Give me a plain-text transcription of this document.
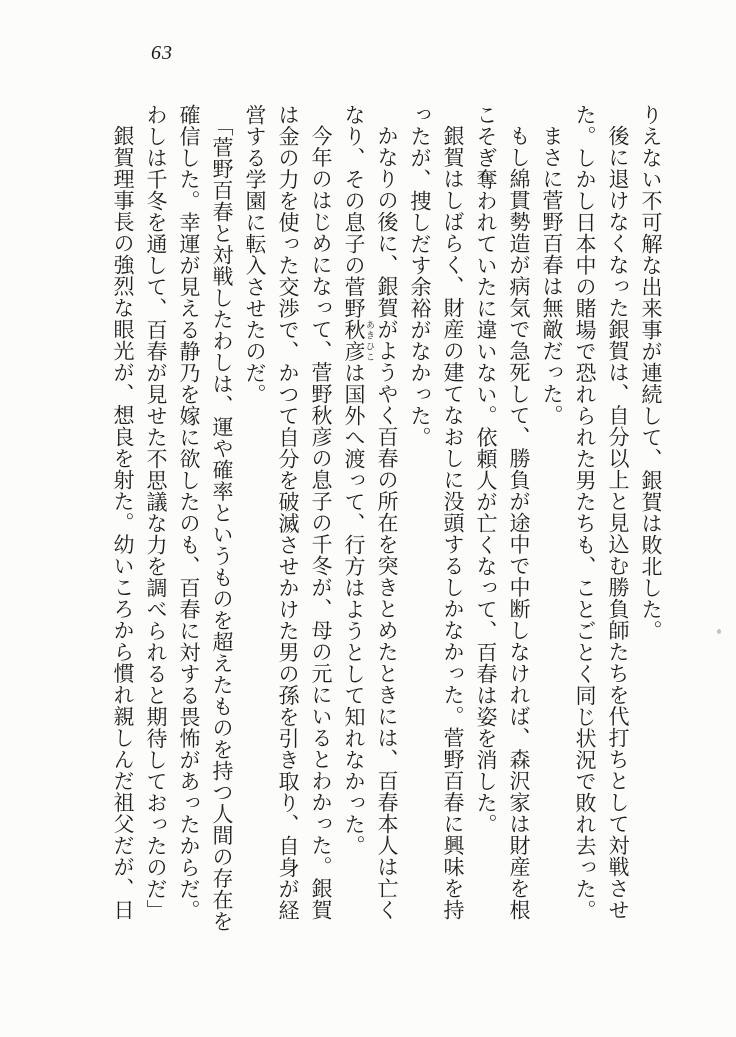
63

りえない不可解な出来事が連続して、銀賀は敗北した。

後に退けなくなった銀賀は、自分以上と見込む勝負師たちを代打ちとして対戦させた。しかし日本中の賭場で恐れられた男たちも、ことごとく同じ状況で敗れ去った。

まさに菅野百春は無敵だった。

もし綿貫勢造が病気で急死して、勝負が途中で中断しなければ、森沢家は財産を根こそぎ奪われていたに違いない。依頼人が亡くなって、百春は姿を消した。

銀賀はしばらく、財産の建てなおしに没頭するしかなかった。菅野百春に興味を持ったが、捜しだす余裕がなかった。

かなりの後に、銀賀がようやく百春の所在を突きとめたときには、百春本人は亡くなり、その息子の菅野秋彦 あきひこは国外へ渡って、行方はようとして知れなかった。

今年のはじめになって、菅野秋彦の息子の千冬が、母の元にいるとわかった。銀賀は金の力を使った交渉で、かつて自分を破滅させかけた男の孫を引き取り、自身が経営する学園に転入させたのだ。

「菅野百春と対戦したわしは、運や確率というものを超えたものを持つ人間の存在を確信した。幸運が見える静乃を嫁に欲したのも、百春に対する畏怖があったからだ。わしは千冬を通して、百春が見せた不思議な力を調べられると期待しておったのだ」

銀賀理事長の強烈な眼光が、想良を射た。幼いころから慣れ親しんだ祖父だが、日
